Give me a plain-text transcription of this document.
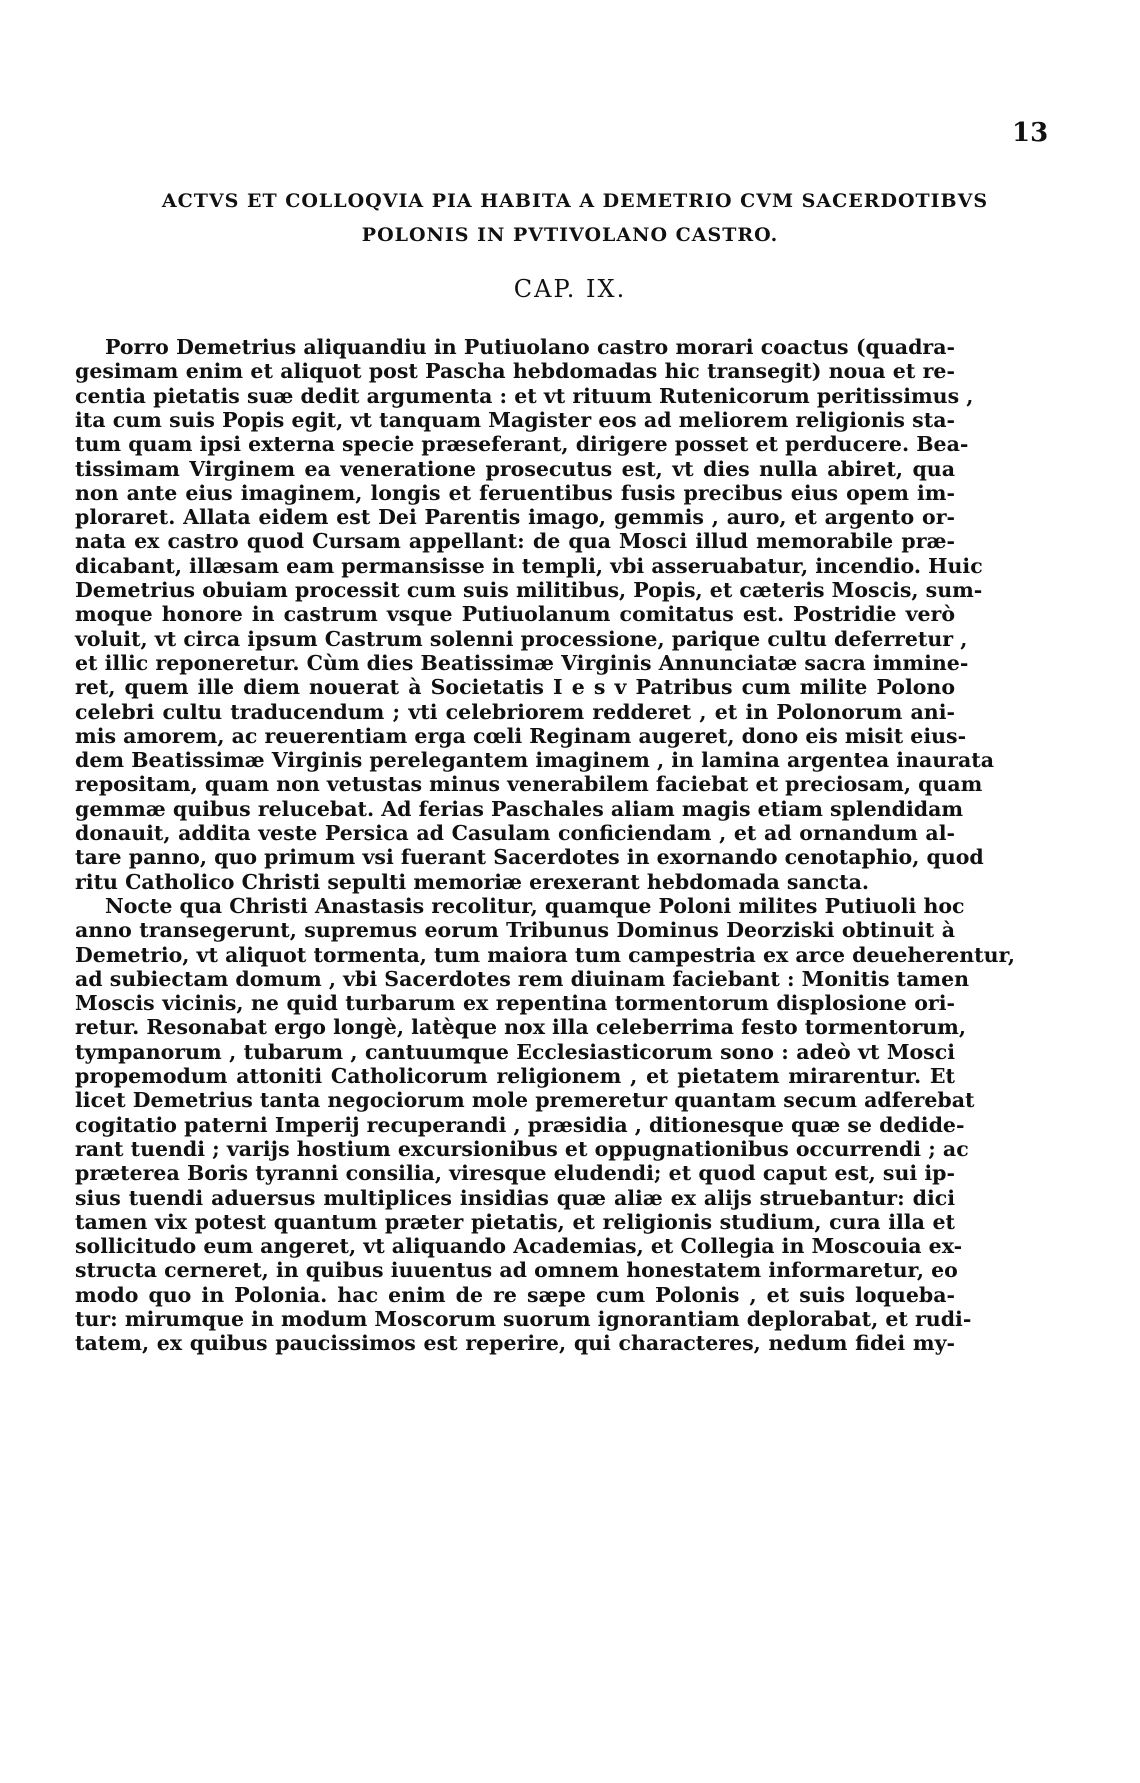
13
ACTVS ET COLLOQVIA PIA HABITA A DEMETRIO CVM SACERDOTIBVS
POLONIS IN PVTIVOLANO CASTRO.
CAP. IX.
Porro Demetrius aliquandiu in Putiuolano castro morari coactus (quadra-
gesimam enim et aliquot post Pascha hebdomadas hic transegit) noua et re-
centia pietatis suæ dedit argumenta : et vt rituum Rutenicorum peritissimus ,
ita cum suis Popis egit, vt tanquam Magister eos ad meliorem religionis sta-
tum quam ipsi externa specie præseferant, dirigere posset et perducere. Bea-
tissimam Virginem ea veneratione prosecutus est, vt dies nulla abiret, qua
non ante eius imaginem, longis et feruentibus fusis precibus eius opem im-
ploraret. Allata eidem est Dei Parentis imago, gemmis , auro, et argento or-
nata ex castro quod Cursam appellant: de qua Mosci illud memorabile præ-
dicabant, illæsam eam permansisse in templi, vbi asseruabatur, incendio. Huic
Demetrius obuiam processit cum suis militibus, Popis, et cæteris Moscis, sum-
moque honore in castrum vsque Putiuolanum comitatus est. Postridie verò
voluit, vt circa ipsum Castrum solenni processione, parique cultu deferretur ,
et illic reponeretur. Cùm dies Beatissimæ Virginis Annunciatæ sacra immine-
ret, quem ille diem nouerat à Societatis I e s v Patribus cum milite Polono
celebri cultu traducendum ; vti celebriorem redderet , et in Polonorum ani-
mis amorem, ac reuerentiam erga cœli Reginam augeret, dono eis misit eius-
dem Beatissimæ Virginis perelegantem imaginem , in lamina argentea inaurata
repositam, quam non vetustas minus venerabilem faciebat et preciosam, quam
gemmæ quibus relucebat. Ad ferias Paschales aliam magis etiam splendidam
donauit, addita veste Persica ad Casulam conficiendam , et ad ornandum al-
tare panno, quo primum vsi fuerant Sacerdotes in exornando cenotaphio, quod
ritu Catholico Christi sepulti memoriæ erexerant hebdomada sancta.
Nocte qua Christi Anastasis recolitur, quamque Poloni milites Putiuoli hoc
anno transegerunt, supremus eorum Tribunus Dominus Deorziski obtinuit à
Demetrio, vt aliquot tormenta, tum maiora tum campestria ex arce deueherentur,
ad subiectam domum , vbi Sacerdotes rem diuinam faciebant : Monitis tamen
Moscis vicinis, ne quid turbarum ex repentina tormentorum displosione ori-
retur. Resonabat ergo longè, latèque nox illa celeberrima festo tormentorum,
tympanorum , tubarum , cantuumque Ecclesiasticorum sono : adeò vt Mosci
propemodum attoniti Catholicorum religionem , et pietatem mirarentur. Et
licet Demetrius tanta negociorum mole premeretur quantam secum adferebat
cogitatio paterni Imperij recuperandi , præsidia , ditionesque quæ se dedide-
rant tuendi ; varijs hostium excursionibus et oppugnationibus occurrendi ; ac
præterea Boris tyranni consilia, viresque eludendi; et quod caput est, sui ip-
sius tuendi aduersus multiplices insidias quæ aliæ ex alijs struebantur: dici
tamen vix potest quantum præter pietatis, et religionis studium, cura illa et
sollicitudo eum angeret, vt aliquando Academias, et Collegia in Moscouia ex-
structa cerneret, in quibus iuuentus ad omnem honestatem informaretur, eo
modo quo in Polonia. hac enim de re sæpe cum Polonis , et suis loqueba-
tur: mirumque in modum Moscorum suorum ignorantiam deplorabat, et rudi-
tatem, ex quibus paucissimos est reperire, qui characteres, nedum fidei my-
